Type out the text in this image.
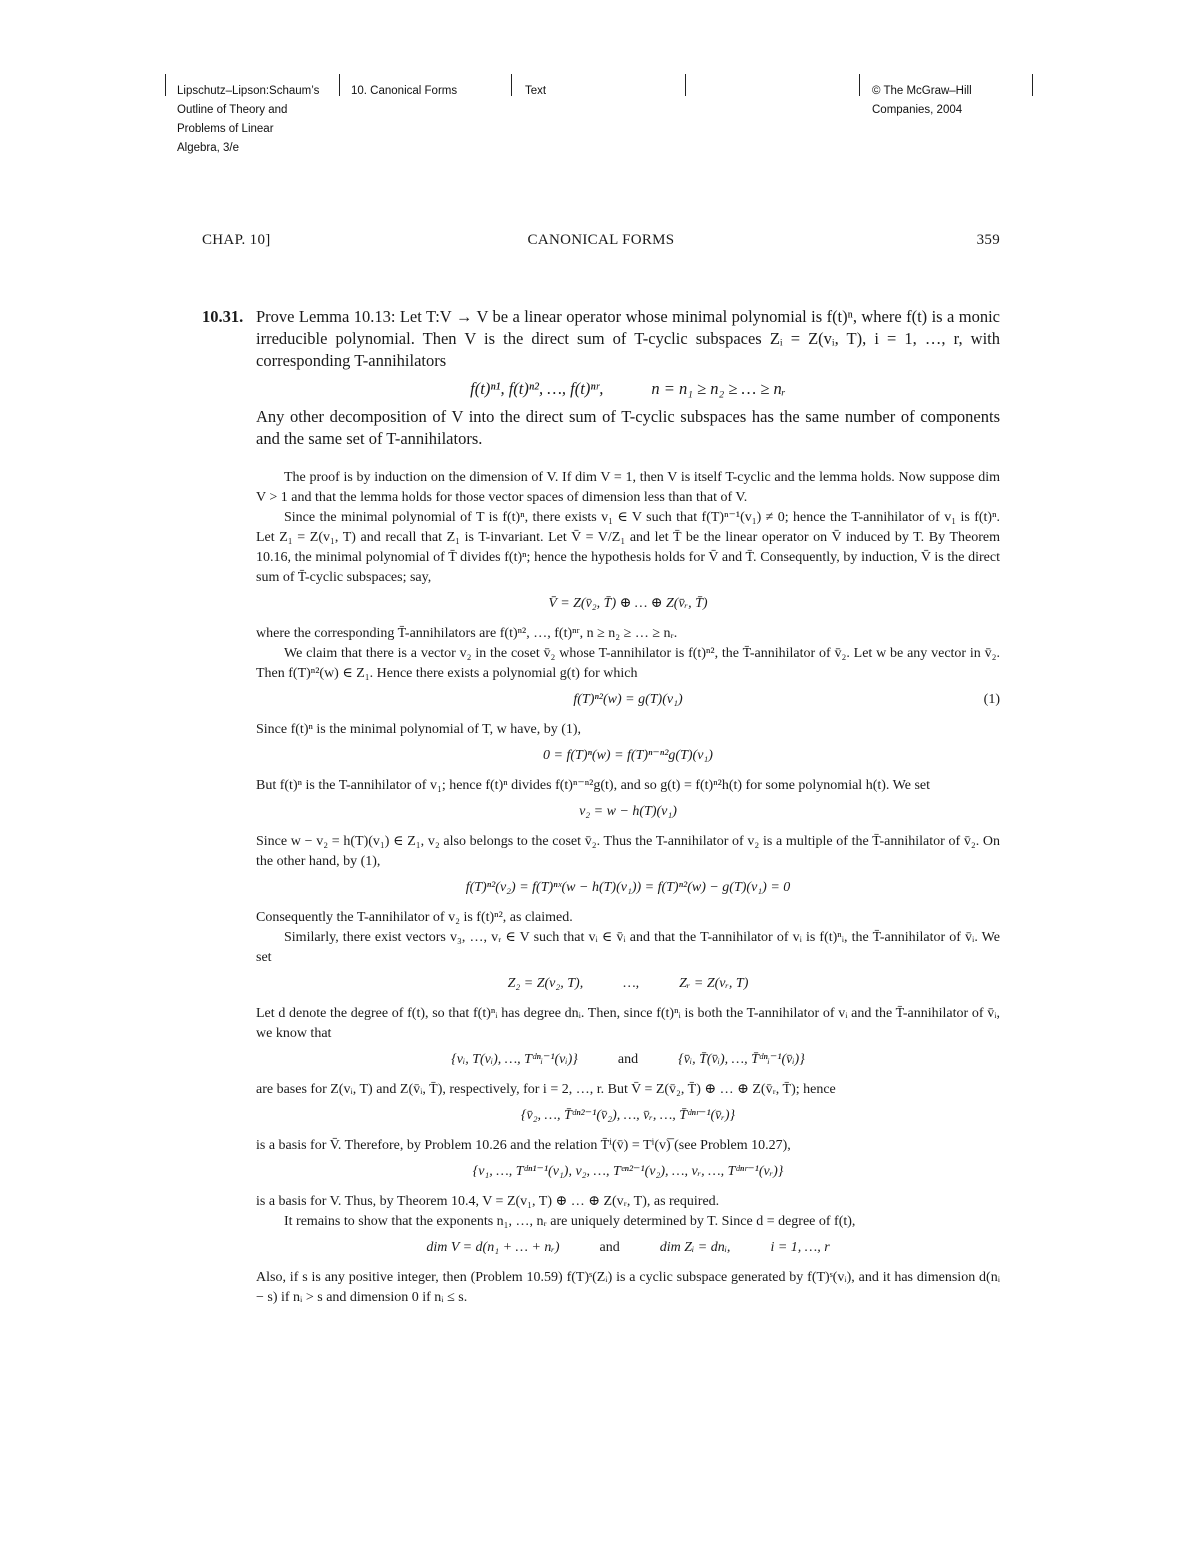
Lipschutz–Lipson:Schaum’s
Outline of Theory and
Problems of Linear
Algebra, 3/e
10. Canonical Forms	Text	© The McGraw–Hill
Companies, 2004
CHAP. 10]	CANONICAL FORMS	359
10.31. Prove Lemma 10.13: Let T:V → V be a linear operator whose minimal polynomial is f(t)ⁿ, where f(t) is a monic irreducible polynomial. Then V is the direct sum of T-cyclic subspaces Zᵢ = Z(vᵢ, T), i = 1, …, r, with corresponding T-annihilators

f(t)ⁿ¹, f(t)ⁿ², …, f(t)ⁿʳ,	n = n₁ ≥ n₂ ≥ … ≥ nᵣ

Any other decomposition of V into the direct sum of T-cyclic subspaces has the same number of components and the same set of T-annihilators.

The proof is by induction on the dimension of V. If dim V = 1, then V is itself T-cyclic and the lemma holds. Now suppose dim V > 1 and that the lemma holds for those vector spaces of dimension less than that of V.

Since the minimal polynomial of T is f(t)ⁿ, there exists v₁ ∈ V such that f(T)ⁿ⁻¹(v₁) ≠ 0; hence the T-annihilator of v₁ is f(t)ⁿ. Let Z₁ = Z(v₁, T) and recall that Z₁ is T-invariant. Let V̄ = V/Z₁ and let T̄ be the linear operator on V̄ induced by T. By Theorem 10.16, the minimal polynomial of T̄ divides f(t)ⁿ; hence the hypothesis holds for V̄ and T̄. Consequently, by induction, V̄ is the direct sum of T̄-cyclic subspaces; say,

V̄ = Z(v̄₂, T̄) ⊕ … ⊕ Z(v̄ᵣ, T̄)

where the corresponding T̄-annihilators are f(t)ⁿ², …, f(t)ⁿʳ, n ≥ n₂ ≥ … ≥ nᵣ.

We claim that there is a vector v₂ in the coset v̄₂ whose T-annihilator is f(t)ⁿ², the T̄-annihilator of v̄₂. Let w be any vector in v̄₂. Then f(T)ⁿ²(w) ∈ Z₁. Hence there exists a polynomial g(t) for which

f(T)ⁿ²(w) = g(T)(v₁)	(1)

Since f(t)ⁿ is the minimal polynomial of T, w have, by (1),

0 = f(T)ⁿ(w) = f(T)ⁿ⁻ⁿ²g(T)(v₁)

But f(t)ⁿ is the T-annihilator of v₁; hence f(t)ⁿ divides f(t)ⁿ⁻ⁿ²g(t), and so g(t) = f(t)ⁿ²h(t) for some polynomial h(t). We set

v₂ = w − h(T)(v₁)

Since w − v₂ = h(T)(v₁) ∈ Z₁, v₂ also belongs to the coset v̄₂. Thus the T-annihilator of v₂ is a multiple of the T̄-annihilator of v̄₂. On the other hand, by (1),

f(T)ⁿ²(v₂) = f(T)ⁿˣ(w − h(T)(v₁)) = f(T)ⁿ²(w) − g(T)(v₁) = 0

Consequently the T-annihilator of v₂ is f(t)ⁿ², as claimed.

Similarly, there exist vectors v₃, …, vᵣ ∈ V such that vᵢ ∈ v̄ᵢ and that the T-annihilator of vᵢ is f(t)ⁿᵢ, the T̄-annihilator of v̄ᵢ. We set

Z₂ = Z(v₂, T),	…,	Zᵣ = Z(vᵣ, T)

Let d denote the degree of f(t), so that f(t)ⁿᵢ has degree dnᵢ. Then, since f(t)ⁿᵢ is both the T-annihilator of vᵢ and the T̄-annihilator of v̄ᵢ, we know that

{vᵢ, T(vᵢ), …, Tᵈⁿᵢ⁻¹(vᵢ)}	and	{v̄ᵢ, T̄(v̄ᵢ), …, T̄ᵈⁿᵢ⁻¹(v̄ᵢ)}

are bases for Z(vᵢ, T) and Z(v̄ᵢ, T̄), respectively, for i = 2, …, r. But V̄ = Z(v̄₂, T̄) ⊕ … ⊕ Z(v̄ᵣ, T̄); hence

{v̄₂, …, T̄ᵈⁿ²⁻¹(v̄₂), …, v̄ᵣ, …, T̄ᵈⁿʳ⁻¹(v̄ᵣ)}

is a basis for V̄. Therefore, by Problem 10.26 and the relation T̄ⁱ(v̄) = Tⁱ(v)̅ (see Problem 10.27),

{v₁, …, Tᵈⁿ¹⁻¹(v₁), v₂, …, Tᵉⁿ²⁻¹(v₂), …, vᵣ, …, Tᵈⁿʳ⁻¹(vᵣ)}

is a basis for V. Thus, by Theorem 10.4, V = Z(v₁, T) ⊕ … ⊕ Z(vᵣ, T), as required.

It remains to show that the exponents n₁, …, nᵣ are uniquely determined by T. Since d = degree of f(t),

dim V = d(n₁ + … + nᵣ)	and	dim Zᵢ = dnᵢ,	i = 1, …, r

Also, if s is any positive integer, then (Problem 10.59) f(T)ˢ(Zᵢ) is a cyclic subspace generated by f(T)ˢ(vᵢ), and it has dimension d(nᵢ − s) if nᵢ > s and dimension 0 if nᵢ ≤ s.
